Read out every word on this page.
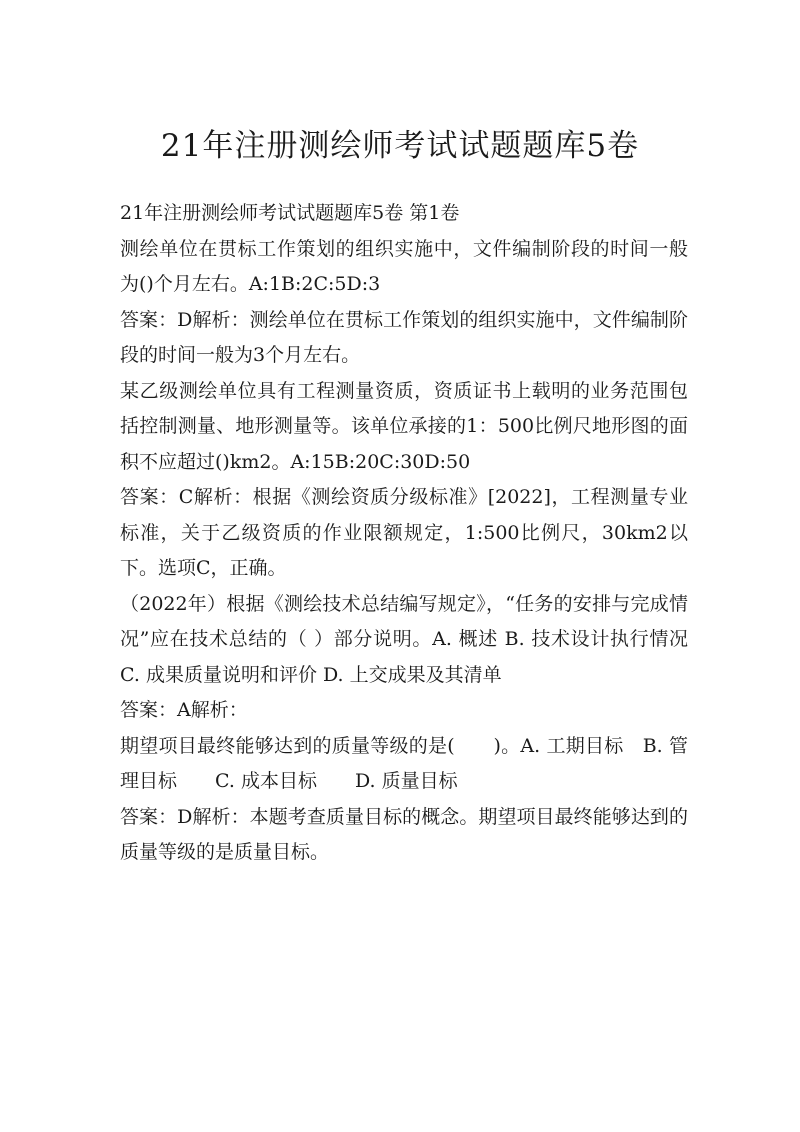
21年注册测绘师考试试题题库5卷

21年注册测绘师考试试题题库5卷 第1卷

测绘单位在贯标工作策划的组织实施中，文件编制阶段的时间一般为()个月左右。A:1B:2C:5D:3

答案：D解析：测绘单位在贯标工作策划的组织实施中，文件编制阶段的时间一般为3个月左右。

某乙级测绘单位具有工程测量资质，资质证书上载明的业务范围包括控制测量、地形测量等。该单位承接的1：500比例尺地形图的面积不应超过()km2。A:15B:20C:30D:50

答案：C解析：根据《测绘资质分级标准》[2022]，工程测量专业标准，关于乙级资质的作业限额规定，1:500比例尺，30km2以下。选项C，正确。

（2022年）根据《测绘技术总结编写规定》，“任务的安排与完成情况”应在技术总结的（ ）部分说明。A. 概述 B. 技术设计执行情况 C. 成果质量说明和评价 D. 上交成果及其清单

答案：A解析：

期望项目最终能够达到的质量等级的是(　　)。A. 工期目标　B. 管理目标　　C. 成本目标　　D. 质量目标

答案：D解析：本题考查质量目标的概念。期望项目最终能够达到的质量等级的是质量目标。
